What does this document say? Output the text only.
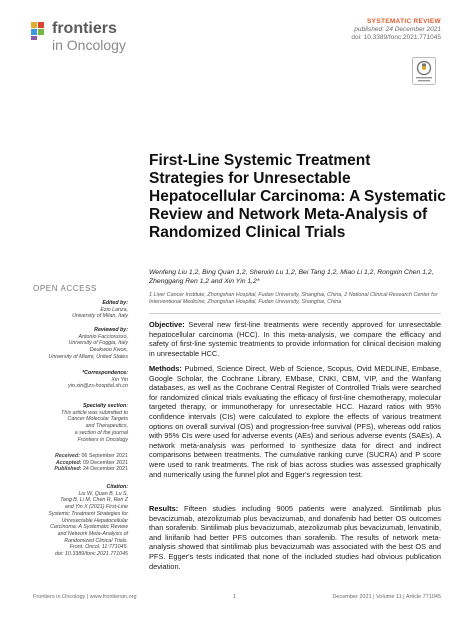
frontiers
in Oncology
SYSTEMATIC REVIEW
published: 24 December 2021
doi: 10.3389/fonc.2021.771045
First-Line Systemic Treatment Strategies for Unresectable Hepatocellular Carcinoma: A Systematic Review and Network Meta-Analysis of Randomized Clinical Trials
Wenfeng Liu 1,2, Bing Quan 1,2, Shenxin Lu 1,2, Bei Tang 1,2, Miao Li 1,2, Rongxin Chen 1,2, Zhenggang Ren 1,2 and Xin Yin 1,2*
1 Liver Cancer Institute, Zhongshan Hospital, Fudan University, Shanghai, China, 2 National Clinical Research Center for Interventional Medicine, Zhongshan Hospital, Fudan University, Shanghai, China
OPEN ACCESS
Edited by:
Ezio Lanza,
University of Milan, Italy
Reviewed by:
Antonio Facciorusso,
University of Foggia, Italy
Deukwoo Kwon,
University of Miami, United States
*Correspondence:
Xin Yin
yin.xin@zs-hospital.sh.cn
Specialty section:
This article was submitted to
Cancer Molecular Targets
and Therapeutics,
a section of the journal
Frontiers in Oncology
Received: 06 September 2021
Accepted: 09 December 2021
Published: 24 December 2021
Citation:
Liu W, Quan B, Lu S,
Tang B, Li M, Chen R, Ren Z
and Yin X (2021) First-Line
Systemic Treatment Strategies for
Unresectable Hepatocellular
Carcinoma: A Systematic Review
and Network Meta-Analysis of
Randomized Clinical Trials.
Front. Oncol. 11:771045.
doi: 10.3389/fonc.2021.771045
Objective: Several new first-line treatments were recently approved for unresectable hepatocellular carcinoma (HCC). In this meta-analysis, we compare the efficacy and safety of first-line systemic treatments to provide information for clinical decision making in unresectable HCC.
Methods: Pubmed, Science Direct, Web of Science, Scopus, Ovid MEDLINE, Embase, Google Scholar, the Cochrane Library, EMbase, CNKI, CBM, VIP, and the Wanfang databases, as well as the Cochrane Central Register of Controlled Trials were searched for randomized clinical trials evaluating the efficacy of first-line chemotherapy, molecular targeted therapy, or immunotherapy for unresectable HCC. Hazard ratios with 95% confidence intervals (CIs) were calculated to explore the effects of various treatment options on overall survival (OS) and progression-free survival (PFS), whereas odd ratios with 95% CIs were used for adverse events (AEs) and serious adverse events (SAEs). A network meta-analysis was performed to synthesize data for direct and indirect comparisons between treatments. The cumulative ranking curve (SUCRA) and P score were used to rank treatments. The risk of bias across studies was assessed graphically and numerically using the funnel plot and Egger's regression test.
Results: Fifteen studies including 9005 patients were analyzed. Sintilimab plus bevacizumab, atezolizumab plus bevacizumab, and donafenib had better OS outcomes than sorafenib. Sintilimab plus bevacizumab, atezolizumab plus bevacizumab, lenvatinib, and linifanib had better PFS outcomes than sorafenib. The results of network meta-analysis showed that sintilimab plus bevacizumab was associated with the best OS and PFS. Egger's tests indicated that none of the included studies had obvious publication deviation.
Frontiers in Oncology | www.frontiersin.org	1	December 2021 | Volume 11 | Article 771045
